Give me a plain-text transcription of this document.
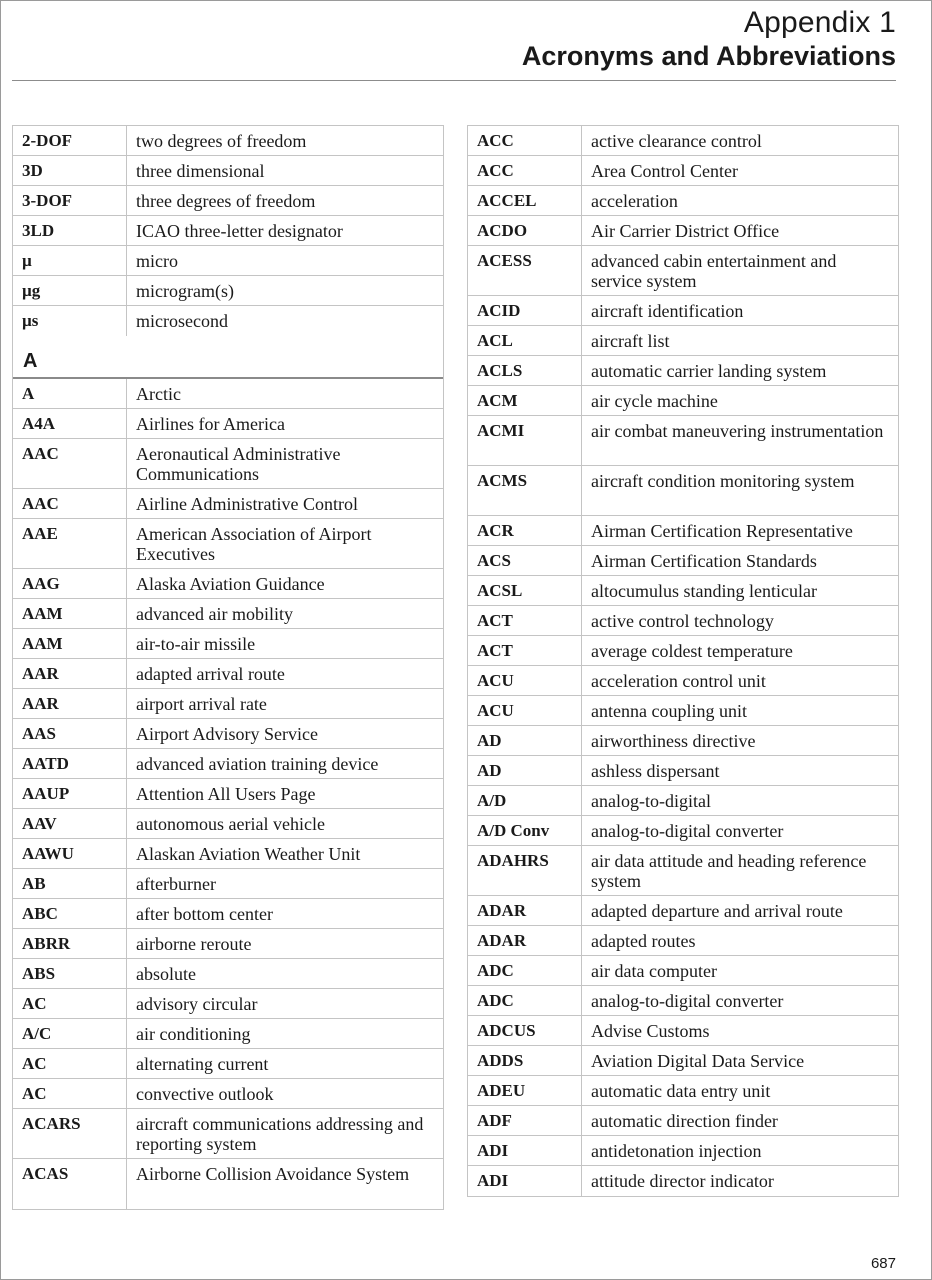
Appendix 1
Acronyms and Abbreviations
2-DOF	two degrees of freedom
3D	three dimensional
3-DOF	three degrees of freedom
3LD	ICAO three-letter designator
µ	micro
µg	microgram(s)
µs	microsecond
A
A	Arctic
A4A	Airlines for America
AAC	Aeronautical Administrative Communications
AAC	Airline Administrative Control
AAE	American Association of Airport Executives
AAG	Alaska Aviation Guidance
AAM	advanced air mobility
AAM	air-to-air missile
AAR	adapted arrival route
AAR	airport arrival rate
AAS	Airport Advisory Service
AATD	advanced aviation training device
AAUP	Attention All Users Page
AAV	autonomous aerial vehicle
AAWU	Alaskan Aviation Weather Unit
AB	afterburner
ABC	after bottom center
ABRR	airborne reroute
ABS	absolute
AC	advisory circular
A/C	air conditioning
AC	alternating current
AC	convective outlook
ACARS	aircraft communications addressing and reporting system
ACAS	Airborne Collision Avoidance System
ACC	active clearance control
ACC	Area Control Center
ACCEL	acceleration
ACDO	Air Carrier District Office
ACESS	advanced cabin entertainment and service system
ACID	aircraft identification
ACL	aircraft list
ACLS	automatic carrier landing system
ACM	air cycle machine
ACMI	air combat maneuvering instrumentation
ACMS	aircraft condition monitoring system
ACR	Airman Certification Representative
ACS	Airman Certification Standards
ACSL	altocumulus standing lenticular
ACT	active control technology
ACT	average coldest temperature
ACU	acceleration control unit
ACU	antenna coupling unit
AD	airworthiness directive
AD	ashless dispersant
A/D	analog-to-digital
A/D Conv	analog-to-digital converter
ADAHRS	air data attitude and heading reference system
ADAR	adapted departure and arrival route
ADAR	adapted routes
ADC	air data computer
ADC	analog-to-digital converter
ADCUS	Advise Customs
ADDS	Aviation Digital Data Service
ADEU	automatic data entry unit
ADF	automatic direction finder
ADI	antidetonation injection
ADI	attitude director indicator
687
